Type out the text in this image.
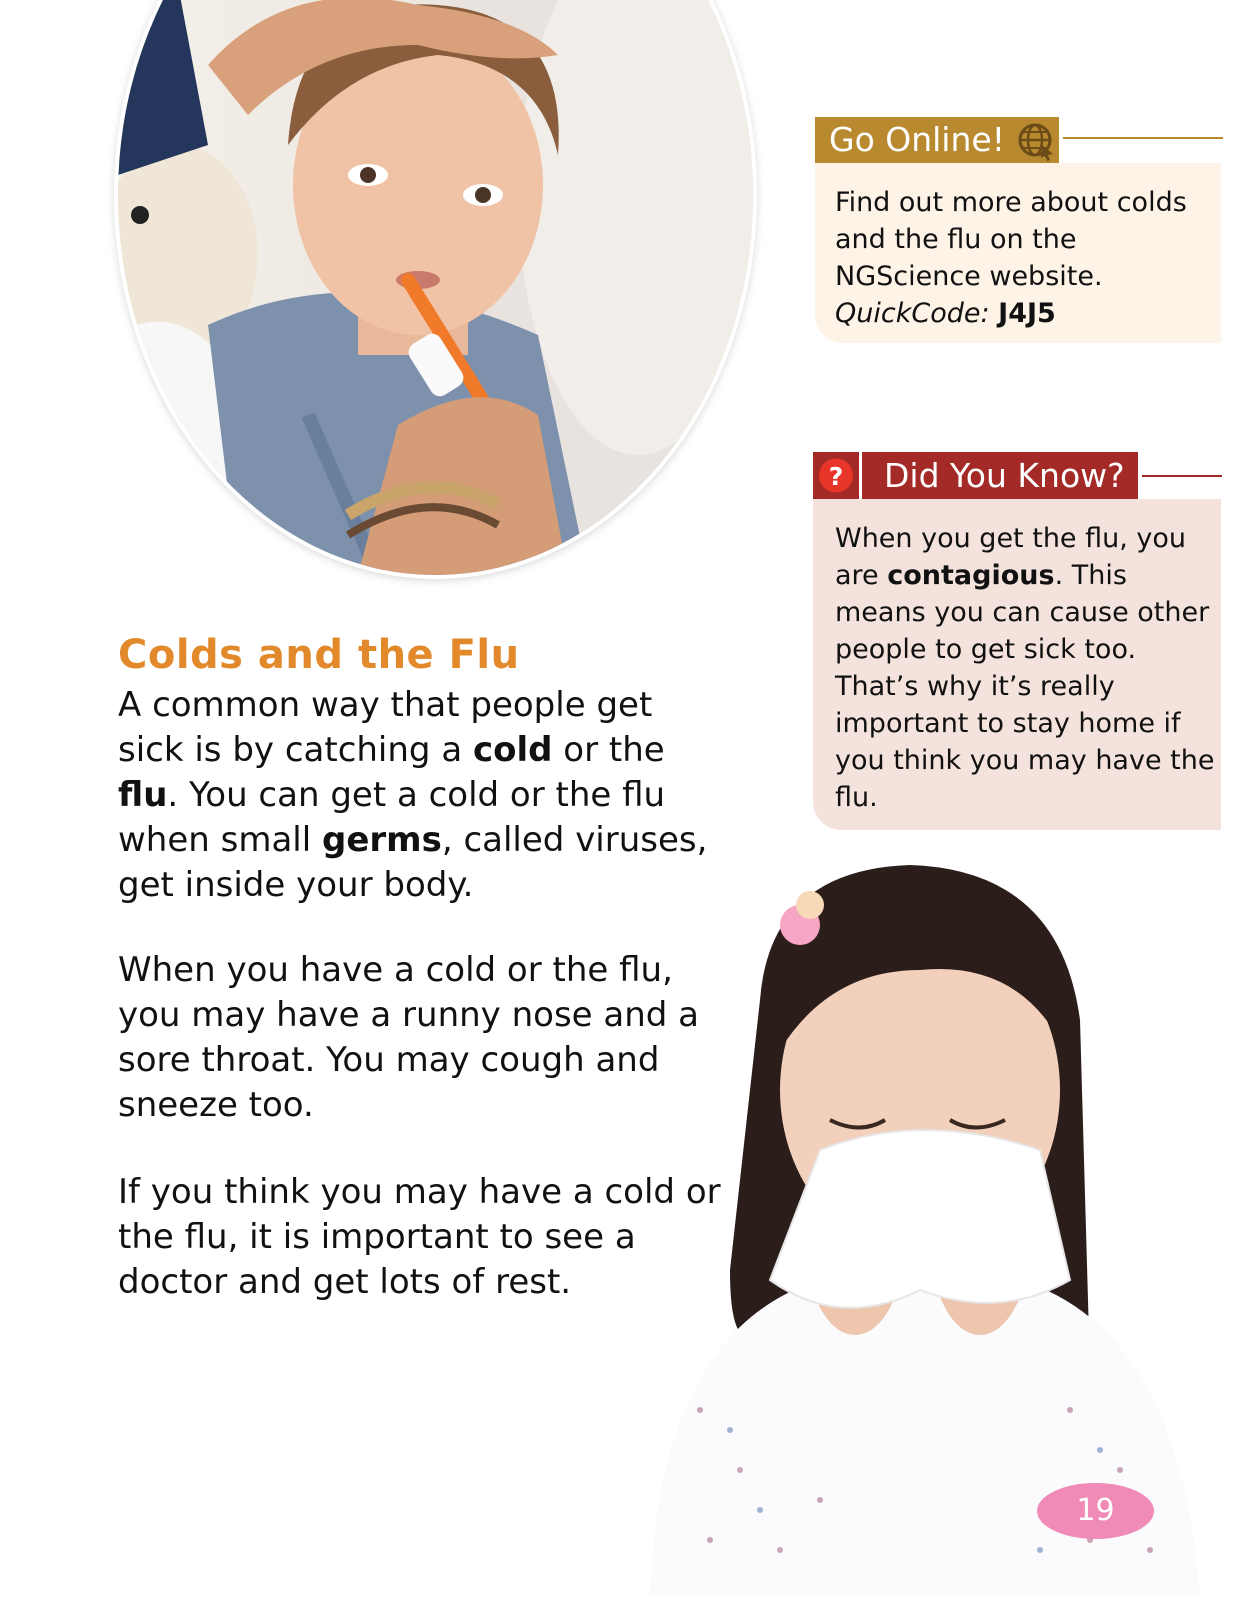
Colds and the Flu

A common way that people get sick is by catching a cold or the flu. You can get a cold or the flu when small germs, called viruses, get inside your body.

When you have a cold or the flu, you may have a runny nose and a sore throat. You may cough and sneeze too.

If you think you may have a cold or the flu, it is important to see a doctor and get lots of rest.

Go Online!

Find out more about colds and the flu on the NGScience website.
QuickCode: J4J5

?	Did You Know?

When you get the flu, you are contagious. This means you can cause other people to get sick too. That’s why it’s really important to stay home if you think you may have the flu.

19
